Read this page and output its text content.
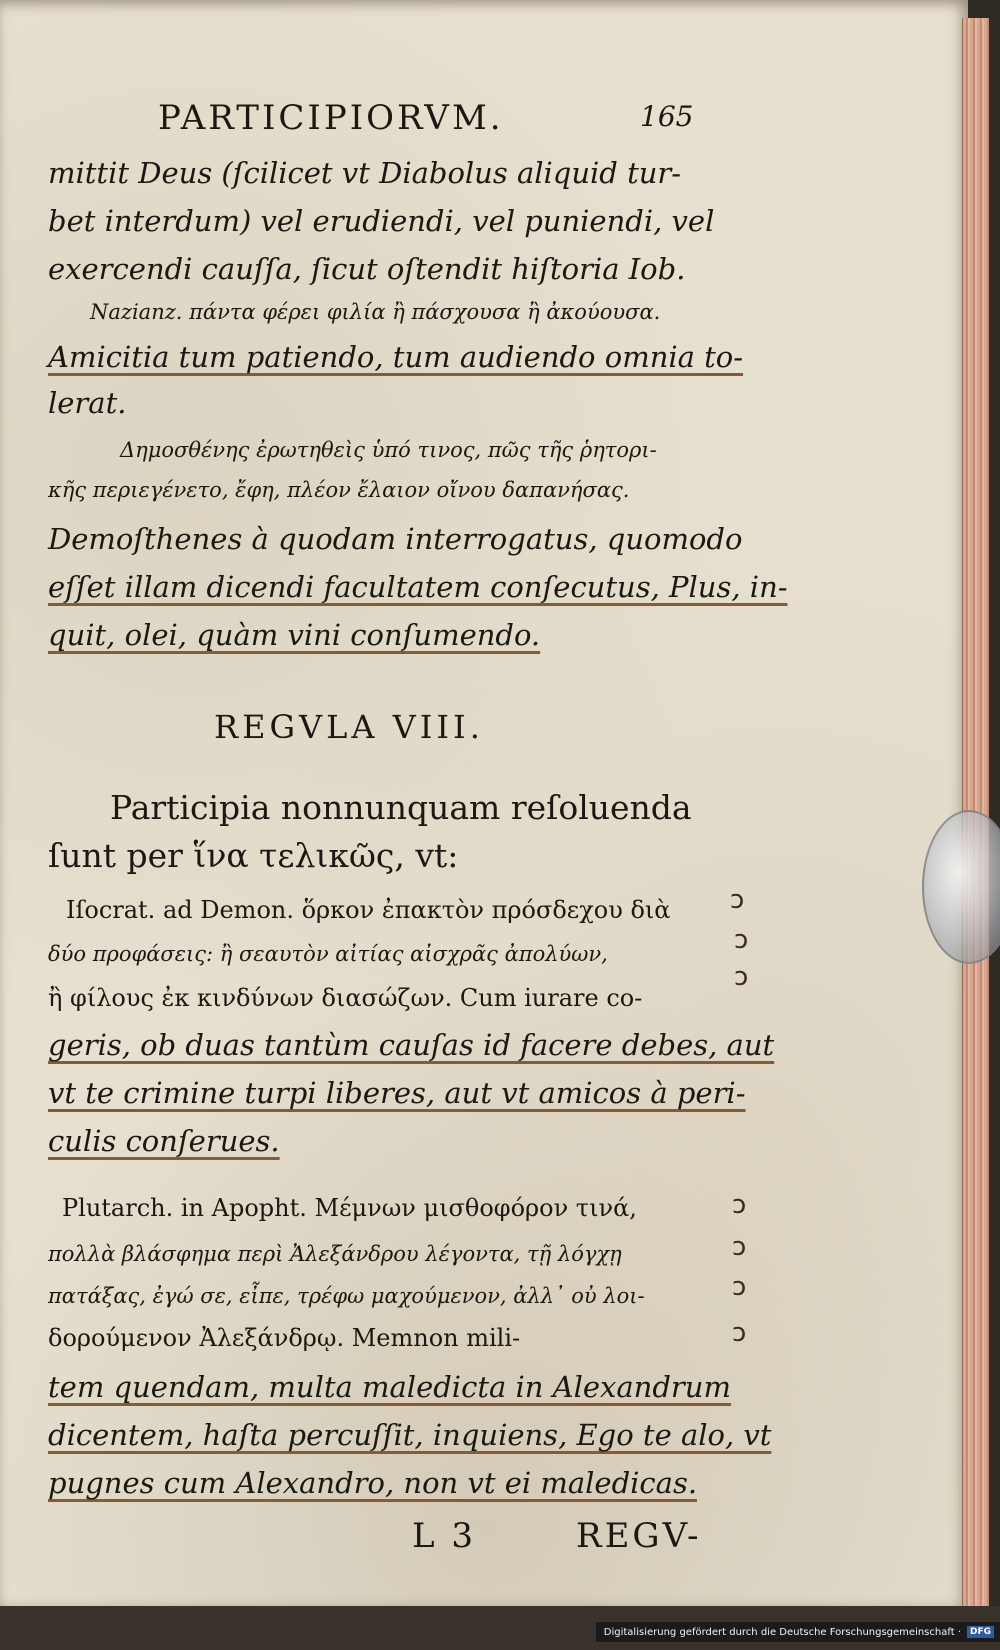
PARTICIPIORVM.	165
mittit Deus (ſcilicet vt Diabolus aliquid tur-
bet interdum) vel erudiendi, vel puniendi, vel
exercendi cauſſa, ſicut oſtendit hiſtoria Iob.
Nazianz. πάντα φέρει φιλία ἢ πάσχουσα ἢ ἀκούουσα.
Amicitia tum patiendo, tum audiendo omnia to-
lerat.
Δημοσθένης ἐρωτηθεὶς ὑπό τινος, πῶς τῆς ῥητορι-
κῆς περιεγένετο, ἔφη, πλέον ἔλαιον οἴνου δαπανήσας.
Demoſthenes à quodam interrogatus, quomodo
eſſet illam dicendi facultatem conſecutus, Plus, in-
quit, olei, quàm vini conſumendo.
REGVLA VIII.
Participia nonnunquam reſoluenda
ſunt per ἵνα τελικῶς, vt:
Iſocrat. ad Demon. ὅρκον ἐπακτὸν πρόσδεχου διὰ
δύο προφάσεις: ἢ σεαυτὸν αἰτίας αἰσχρᾶς ἀπολύων,
ἢ φίλους ἐκ κινδύνων διασώζων. Cum iurare co-
geris, ob duas tantùm cauſas id facere debes, aut
vt te crimine turpi liberes, aut vt amicos à peri-
culis conſerues.
Plutarch. in Apopht. Μέμνων μισθοφόρον τινά,
πολλὰ βλάσφημα περὶ Ἀλεξάνδρου λέγοντα, τῇ λόγχῃ
πατάξας, ἐγώ σε, εἶπε, τρέφω μαχούμενον, ἀλλ᾽ οὐ λοι-
δορούμενον Ἀλεξάνδρῳ. Memnon mili-
tem quendam, multa maledicta in Alexandrum
dicentem, haſta percuſſit, inquiens, Ego te alo, vt
pugnes cum Alexandro, non vt ei maledicas.
L 3	REGV-
ↄ
ↄ
ↄ
ↄ
ↄ
ↄ
ↄ
Digitalisierung gefördert durch die Deutsche Forschungsgemeinschaft ·	DFG
